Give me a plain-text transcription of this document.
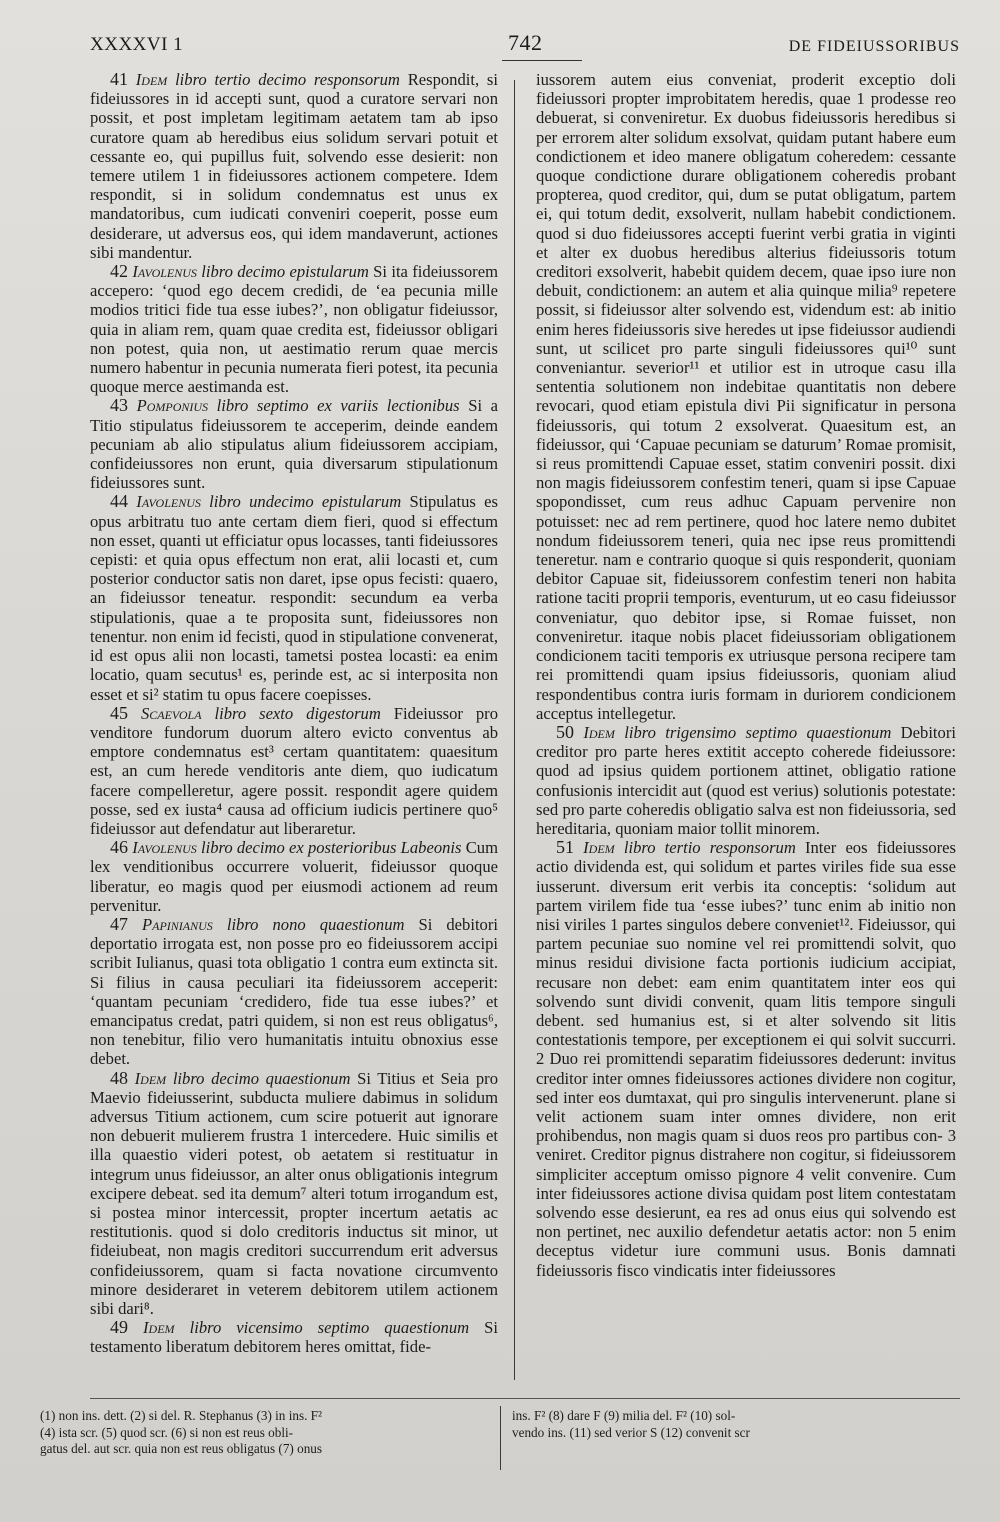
XXXXVI 1	742	DE FIDEIUSSORIBUS

41 Idem libro tertio decimo responsorum Respondit, si fideiussores in id accepti sunt, quod a curatore servari non possit, et post impletam legitimam aetatem tam ab ipso curatore quam ab heredibus eius solidum servari potuit et cessante eo, qui pupillus fuit, solvendo esse desierit: non temere utilem 1 in fideiussores actionem competere. Idem respondit, si in solidum condemnatus est unus ex mandatoribus, cum iudicati conveniri coeperit, posse eum desiderare, ut adversus eos, qui idem mandaverunt, actiones sibi mandentur.

42 Iavolenus libro decimo epistularum Si ita fideiussorem accepero: ‘quod ego decem credidi, de ‘ea pecunia mille modios tritici fide tua esse iubes?’, non obligatur fideiussor, quia in aliam rem, quam quae credita est, fideiussor obligari non potest, quia non, ut aestimatio rerum quae mercis numero habentur in pecunia numerata fieri potest, ita pecunia quoque merce aestimanda est.

43 Pomponius libro septimo ex variis lectionibus Si a Titio stipulatus fideiussorem te acceperim, deinde eandem pecuniam ab alio stipulatus alium fideiussorem accipiam, confideiussores non erunt, quia diversarum stipulationum fideiussores sunt.

44 Iavolenus libro undecimo epistularum Stipulatus es opus arbitratu tuo ante certam diem fieri, quod si effectum non esset, quanti ut efficiatur opus locasses, tanti fideiussores cepisti: et quia opus effectum non erat, alii locasti et, cum posterior conductor satis non daret, ipse opus fecisti: quaero, an fideiussor teneatur. respondit: secundum ea verba stipulationis, quae a te proposita sunt, fideiussores non tenentur. non enim id fecisti, quod in stipulatione convenerat, id est opus alii non locasti, tametsi postea locasti: ea enim locatio, quam secutus¹ es, perinde est, ac si interposita non esset et si² statim tu opus facere coepisses.

45 Scaevola libro sexto digestorum Fideiussor pro venditore fundorum duorum altero evicto conventus ab emptore condemnatus est³ certam quantitatem: quaesitum est, an cum herede venditoris ante diem, quo iudicatum facere compelleretur, agere possit. respondit agere quidem posse, sed ex iusta⁴ causa ad officium iudicis pertinere quo⁵ fideiussor aut defendatur aut liberaretur.

46 Iavolenus libro decimo ex posterioribus Labeonis Cum lex venditionibus occurrere voluerit, fideiussor quoque liberatur, eo magis quod per eiusmodi actionem ad reum pervenitur.

47 Papinianus libro nono quaestionum Si debitori deportatio irrogata est, non posse pro eo fideiussorem accipi scribit Iulianus, quasi tota obligatio 1 contra eum extincta sit. Si filius in causa peculiari ita fideiussorem acceperit: ‘quantam pecuniam ‘credidero, fide tua esse iubes?’ et emancipatus credat, patri quidem, si non est reus obligatus⁶, non tenebitur, filio vero humanitatis intuitu obnoxius esse debet.

48 Idem libro decimo quaestionum Si Titius et Seia pro Maevio fideiusserint, subducta muliere dabimus in solidum adversus Titium actionem, cum scire potuerit aut ignorare non debuerit mulierem frustra 1 intercedere. Huic similis et illa quaestio videri potest, ob aetatem si restituatur in integrum unus fideiussor, an alter onus obligationis integrum excipere debeat. sed ita demum⁷ alteri totum irrogandum est, si postea minor intercessit, propter incertum aetatis ac restitutionis. quod si dolo creditoris inductus sit minor, ut fideiubeat, non magis creditori succurrendum erit adversus confideiussorem, quam si facta novatione circumvento minore desideraret in veterem debitorem utilem actionem sibi dari⁸.

49 Idem libro vicensimo septimo quaestionum Si testamento liberatum debitorem heres omittat, fide-

iussorem autem eius conveniat, proderit exceptio doli fideiussori propter improbitatem heredis, quae 1 prodesse reo debuerat, si conveniretur. Ex duobus fideiussoris heredibus si per errorem alter solidum exsolvat, quidam putant habere eum condictionem et ideo manere obligatum coheredem: cessante quoque condictione durare obligationem coheredis probant propterea, quod creditor, qui, dum se putat obligatum, partem ei, qui totum dedit, exsolverit, nullam habebit condictionem. quod si duo fideiussores accepti fuerint verbi gratia in viginti et alter ex duobus heredibus alterius fideiussoris totum creditori exsolverit, habebit quidem decem, quae ipso iure non debuit, condictionem: an autem et alia quinque milia⁹ repetere possit, si fideiussor alter solvendo est, videndum est: ab initio enim heres fideiussoris sive heredes ut ipse fideiussor audiendi sunt, ut scilicet pro parte singuli fideiussores qui¹⁰ sunt conveniantur. severior¹¹ et utilior est in utroque casu illa sententia solutionem non indebitae quantitatis non debere revocari, quod etiam epistula divi Pii significatur in persona fideiussoris, qui totum 2 exsolverat. Quaesitum est, an fideiussor, qui ‘Capuae pecuniam se daturum’ Romae promisit, si reus promittendi Capuae esset, statim conveniri possit. dixi non magis fideiussorem confestim teneri, quam si ipse Capuae spopondisset, cum reus adhuc Capuam pervenire non potuisset: nec ad rem pertinere, quod hoc latere nemo dubitet nondum fideiussorem teneri, quia nec ipse reus promittendi teneretur. nam e contrario quoque si quis responderit, quoniam debitor Capuae sit, fideiussorem confestim teneri non habita ratione taciti proprii temporis, eventurum, ut eo casu fideiussor conveniatur, quo debitor ipse, si Romae fuisset, non conveniretur. itaque nobis placet fideiussoriam obligationem condicionem taciti temporis ex utriusque persona recipere tam rei promittendi quam ipsius fideiussoris, quoniam aliud respondentibus contra iuris formam in duriorem condicionem acceptus intellegetur.

50 Idem libro trigensimo septimo quaestionum Debitori creditor pro parte heres extitit accepto coherede fideiussore: quod ad ipsius quidem portionem attinet, obligatio ratione confusionis intercidit aut (quod est verius) solutionis potestate: sed pro parte coheredis obligatio salva est non fideiussoria, sed hereditaria, quoniam maior tollit minorem.

51 Idem libro tertio responsorum Inter eos fideiussores actio dividenda est, qui solidum et partes viriles fide sua esse iusserunt. diversum erit verbis ita conceptis: ‘solidum aut partem virilem fide tua ‘esse iubes?’ tunc enim ab initio non nisi viriles 1 partes singulos debere conveniet¹². Fideiussor, qui partem pecuniae suo nomine vel rei promittendi solvit, quo minus residui divisione facta portionis iudicium accipiat, recusare non debet: eam enim quantitatem inter eos qui solvendo sunt dividi convenit, quam litis tempore singuli debent. sed humanius est, si et alter solvendo sit litis contestationis tempore, per exceptionem ei qui solvit succurri. 2 Duo rei promittendi separatim fideiussores dederunt: invitus creditor inter omnes fideiussores actiones dividere non cogitur, sed inter eos dumtaxat, qui pro singulis intervenerunt. plane si velit actionem suam inter omnes dividere, non erit prohibendus, non magis quam si duos reos pro partibus con- 3 veniret. Creditor pignus distrahere non cogitur, si fideiussorem simpliciter acceptum omisso pignore 4 velit convenire. Cum inter fideiussores actione divisa quidam post litem contestatam solvendo esse desierunt, ea res ad onus eius qui solvendo est non pertinet, nec auxilio defendetur aetatis actor: non 5 enim deceptus videtur iure communi usus. Bonis damnati fideiussoris fisco vindicatis inter fideiussores

(1) non ins. dett. (2) si del. R. Stephanus (3) in ins. F²
(4) ista scr. (5) quod scr. (6) si non est reus obli-
gatus del. aut scr. quia non est reus obligatus (7) onus
ins. F² (8) dare F (9) milia del. F² (10) sol-
vendo ins. (11) sed verior S (12) convenit scr
